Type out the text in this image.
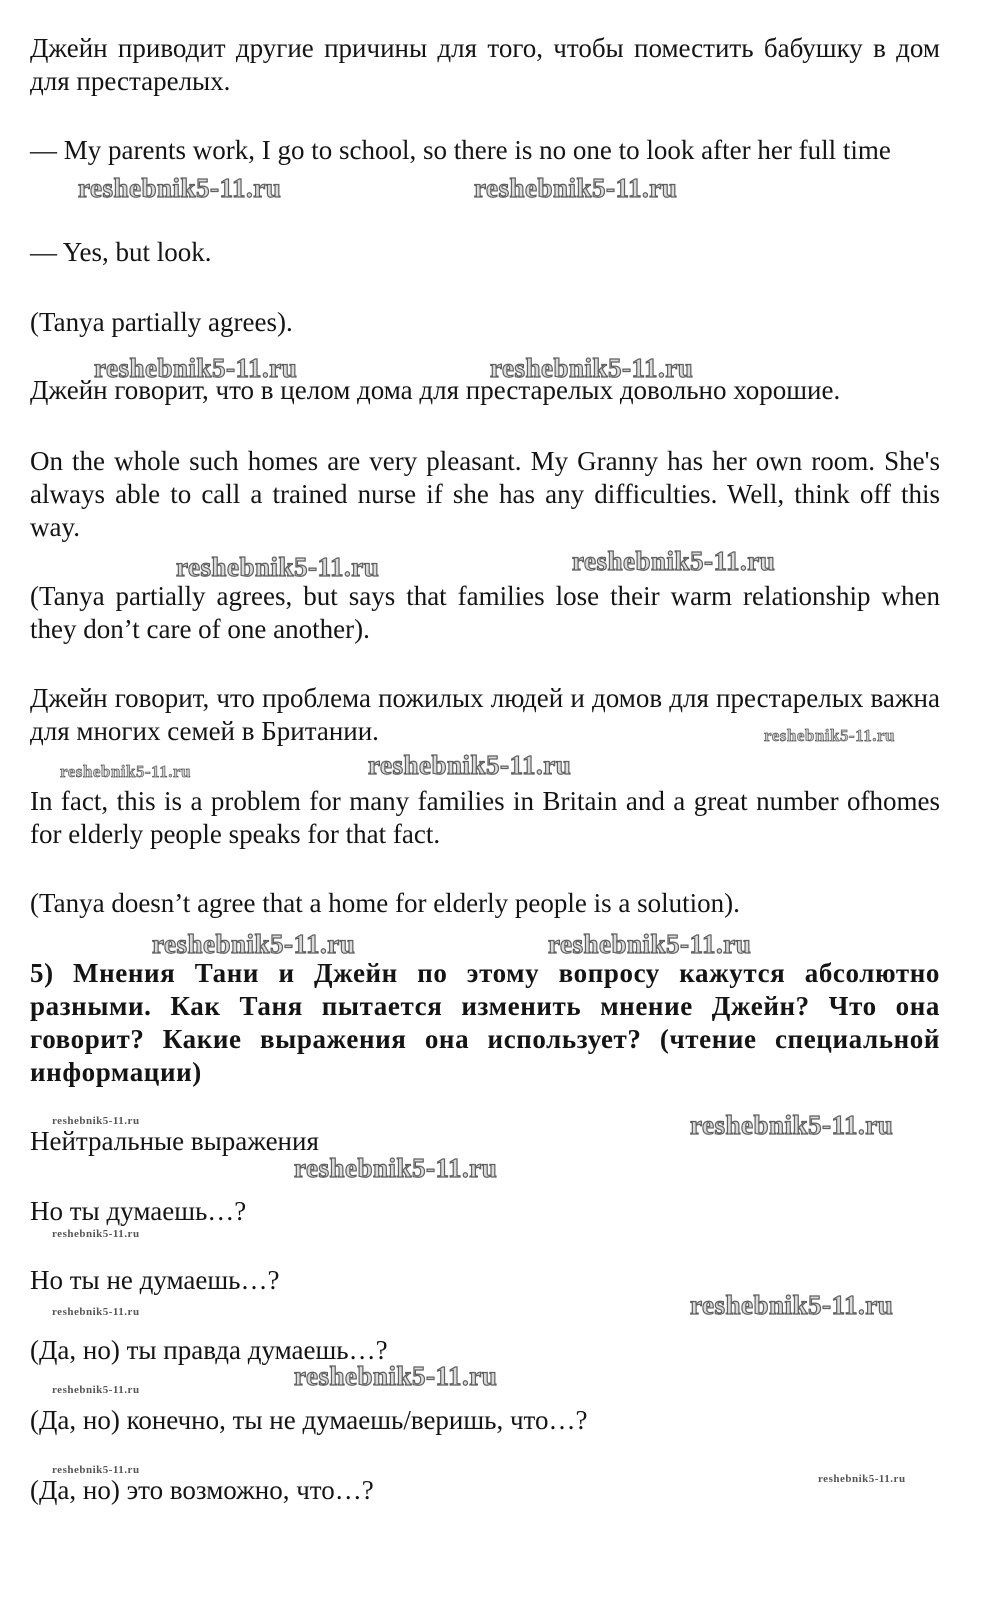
Джейн приводит другие причины для того, чтобы поместить бабушку в дом для престарелых.

— My parents work, I go to school, so there is no one to look after her full time

— Yes, but look.

(Tanya partially agrees).

Джейн говорит, что в целом дома для престарелых довольно хорошие.

On the whole such homes are very pleasant. My Granny has her own room. She's always able to call a trained nurse if she has any difficulties. Well, think off this way.

(Tanya partially agrees, but says that families lose their warm relationship when they don’t care of one another).

Джейн говорит, что проблема пожилых людей и домов для престарелых важна для многих семей в Британии.

In fact, this is a problem for many families in Britain and a great number ofhomes for elderly people speaks for that fact.

(Tanya doesn’t agree that a home for elderly people is a solution).

5) Мнения Тани и Джейн по этому вопросу кажутся абсолютно разными. Как Таня пытается изменить мнение Джейн? Что она говорит? Какие выражения она использует? (чтение специальной информации)

Нейтральные выражения

Но ты думаешь…?

Но ты не думаешь…?

(Да, но) ты правда думаешь…?

(Да, но) конечно, ты не думаешь/веришь, что…?

(Да, но) это возможно, что…?

reshebnik5-11.ru	reshebnik5-11.ru
reshebnik5-11.ru	reshebnik5-11.ru
reshebnik5-11.ru	reshebnik5-11.ru
reshebnik5-11.ru
reshebnik5-11.ru	reshebnik5-11.ru
reshebnik5-11.ru	reshebnik5-11.ru
reshebnik5-11.ru	reshebnik5-11.ru
reshebnik5-11.ru
reshebnik5-11.ru
reshebnik5-11.ru	reshebnik5-11.ru
reshebnik5-11.ru
reshebnik5-11.ru
reshebnik5-11.ru
reshebnik5-11.ru
